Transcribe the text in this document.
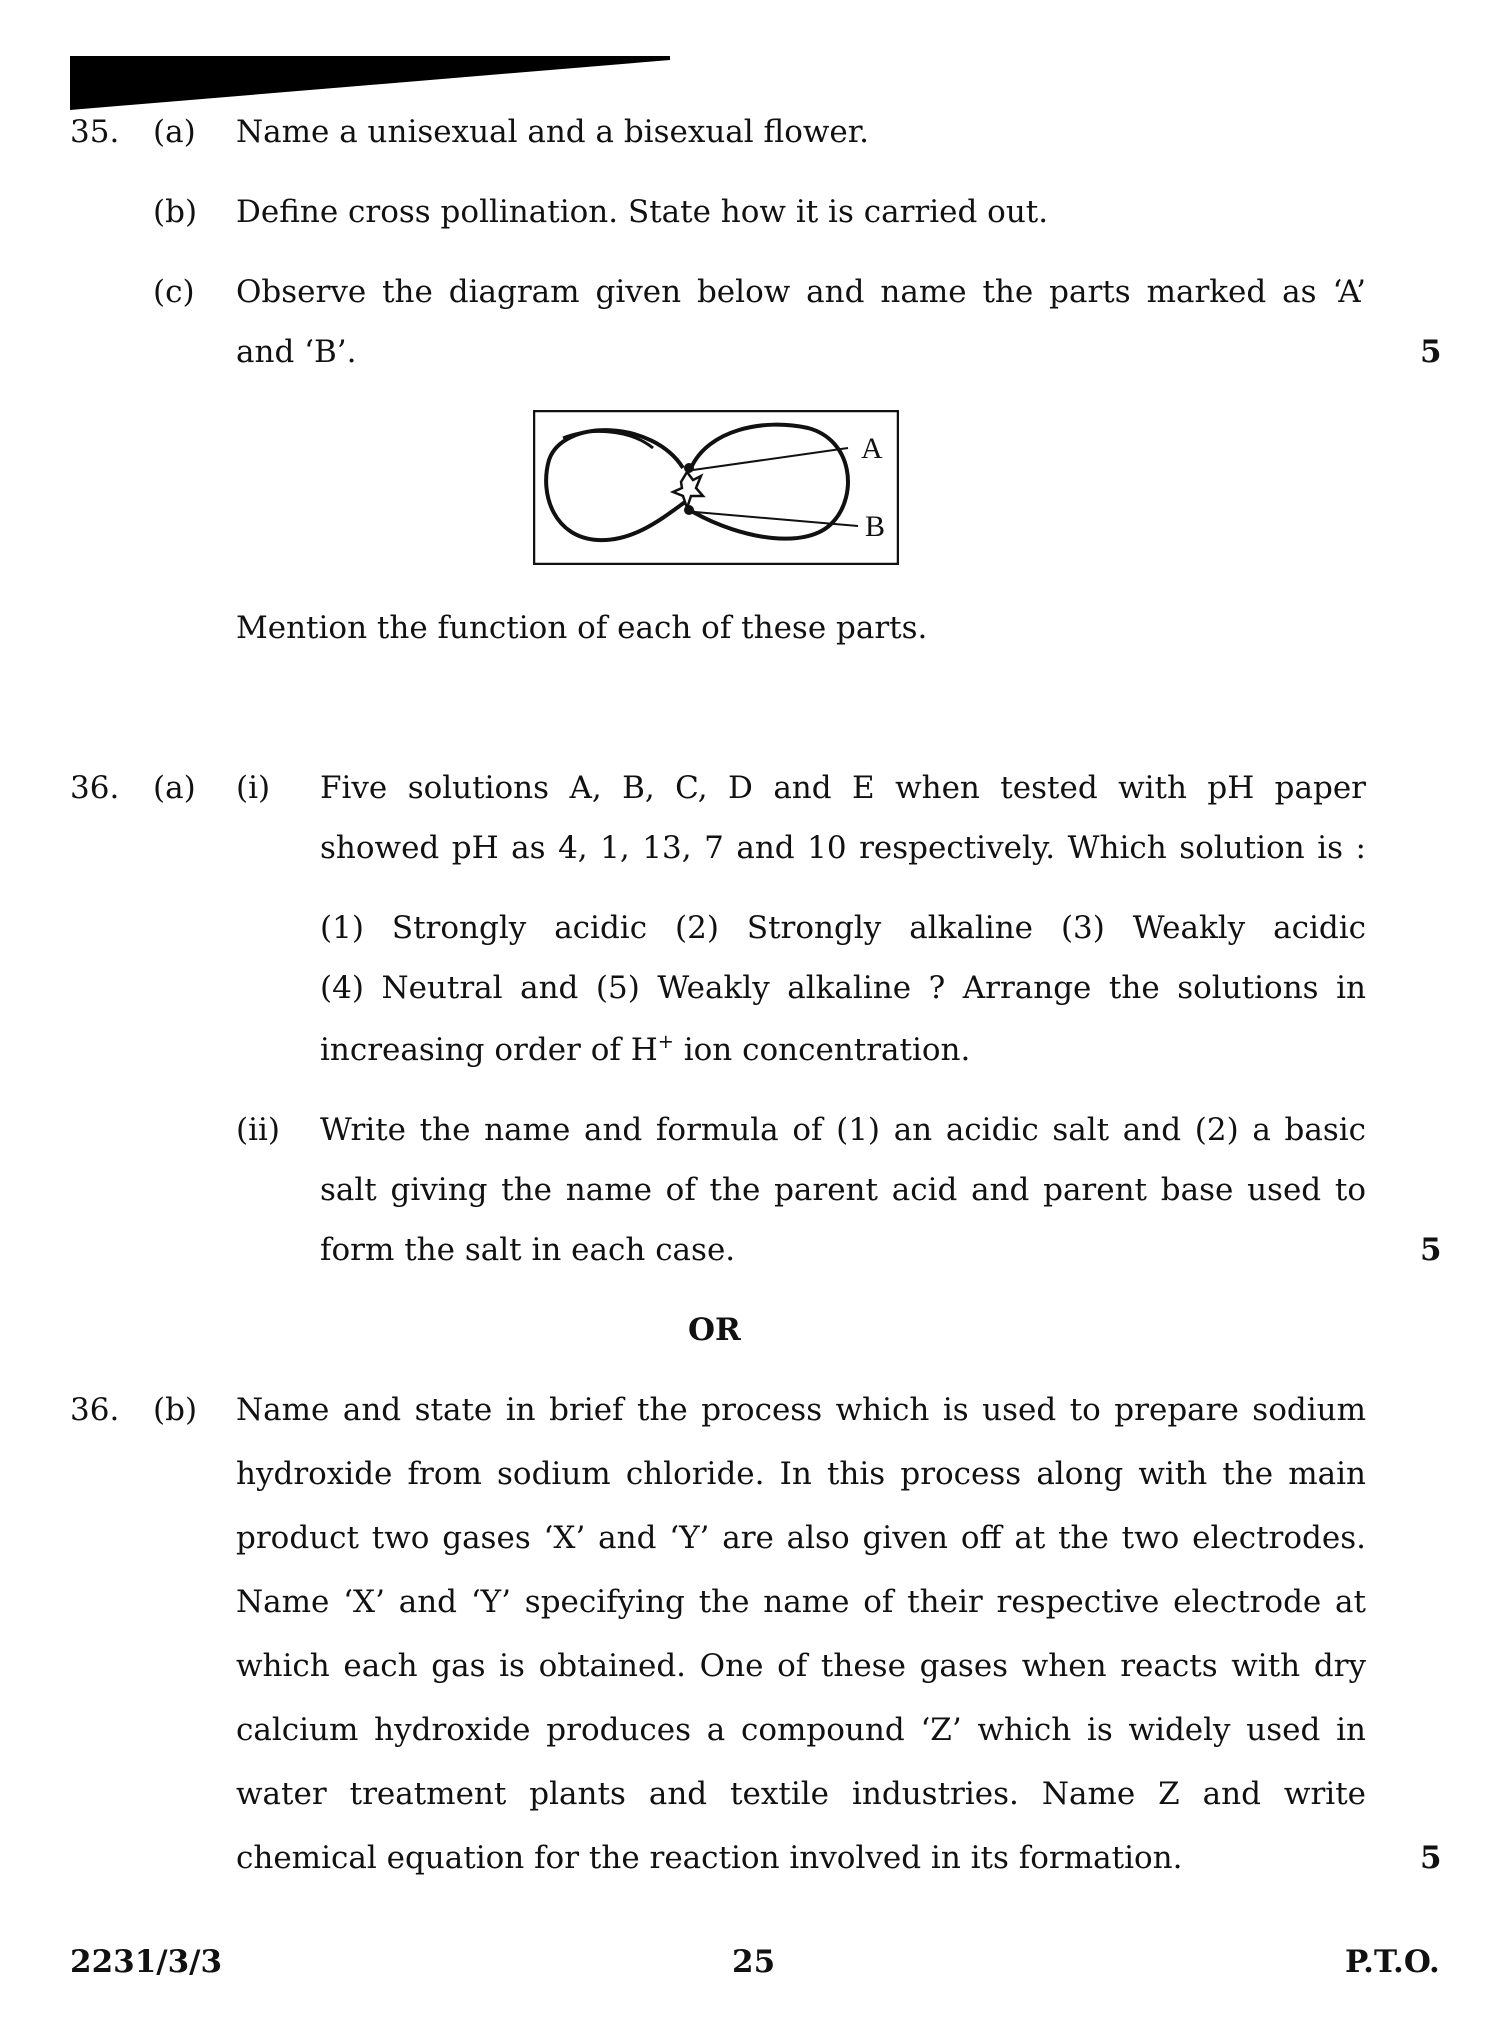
35. (a) Name a unisexual and a bisexual flower.
(b) Define cross pollination. State how it is carried out.
(c) Observe the diagram given below and name the parts marked as ‘A’
and ‘B’.	5
A
B
Mention the function of each of these parts.
36. (a) (i) Five solutions A, B, C, D and E when tested with pH paper
showed pH as 4, 1, 13, 7 and 10 respectively. Which solution is :
(1) Strongly acidic (2) Strongly alkaline (3) Weakly acidic
(4) Neutral and (5) Weakly alkaline ? Arrange the solutions in
increasing order of H+ ion concentration.
(ii) Write the name and formula of (1) an acidic salt and (2) a basic
salt giving the name of the parent acid and parent base used to
form the salt in each case.	5
OR
36. (b) Name and state in brief the process which is used to prepare sodium
hydroxide from sodium chloride. In this process along with the main
product two gases ‘X’ and ‘Y’ are also given off at the two electrodes.
Name ‘X’ and ‘Y’ specifying the name of their respective electrode at
which each gas is obtained. One of these gases when reacts with dry
calcium hydroxide produces a compound ‘Z’ which is widely used in
water treatment plants and textile industries. Name Z and write
chemical equation for the reaction involved in its formation.	5
2231/3/3	25	P.T.O.
